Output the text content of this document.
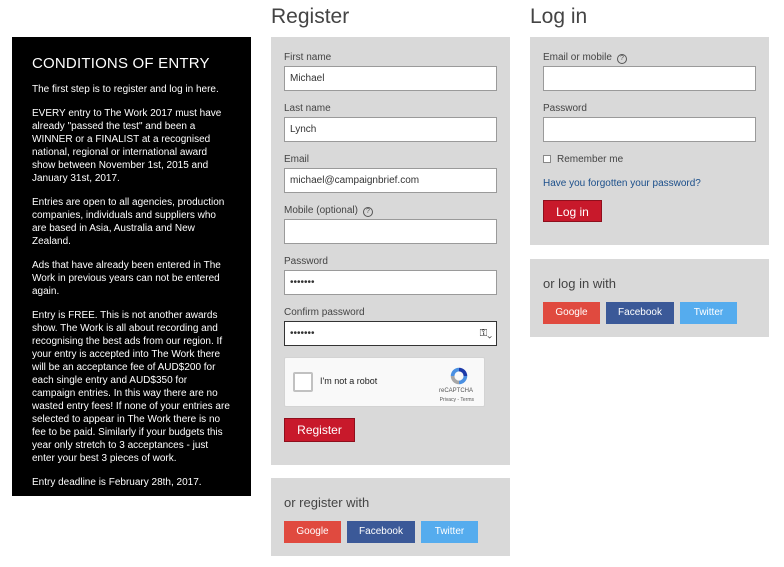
CONDITIONS OF ENTRY

The first step is to register and log in here.

EVERY entry to The Work 2017 must have already "passed the test" and been a WINNER or a FINALIST at a recognised national, regional or international award show between November 1st, 2015 and January 31st, 2017.

Entries are open to all agencies, production companies, individuals and suppliers who are based in Asia, Australia and New Zealand.

Ads that have already been entered in The Work in previous years can not be entered again.

Entry is FREE. This is not another awards show. The Work is all about recording and recognising the best ads from our region. If your entry is accepted into The Work there will be an acceptance fee of AUD$200 for each single entry and AUD$350 for campaign entries. In this way there are no wasted entry fees! If none of your entries are selected to appear in The Work there is no fee to be paid. Similarly if your budgets this year only stretch to 3 acceptances - just enter your best 3 pieces of work.

Entry deadline is February 28th, 2017.

Register
First name
Michael
Last name
Lynch
Email
michael@campaignbrief.com
Mobile (optional) ?
Password
•••••••
Confirm password
•••••••	⚿⌄
I'm not a robot
reCAPTCHA
Privacy - Terms
Register
or register with
Google	Facebook	Twitter
Log in
Email or mobile ?
Password
Remember me
Have you forgotten your password?
Log in
or log in with
Google	Facebook	Twitter
